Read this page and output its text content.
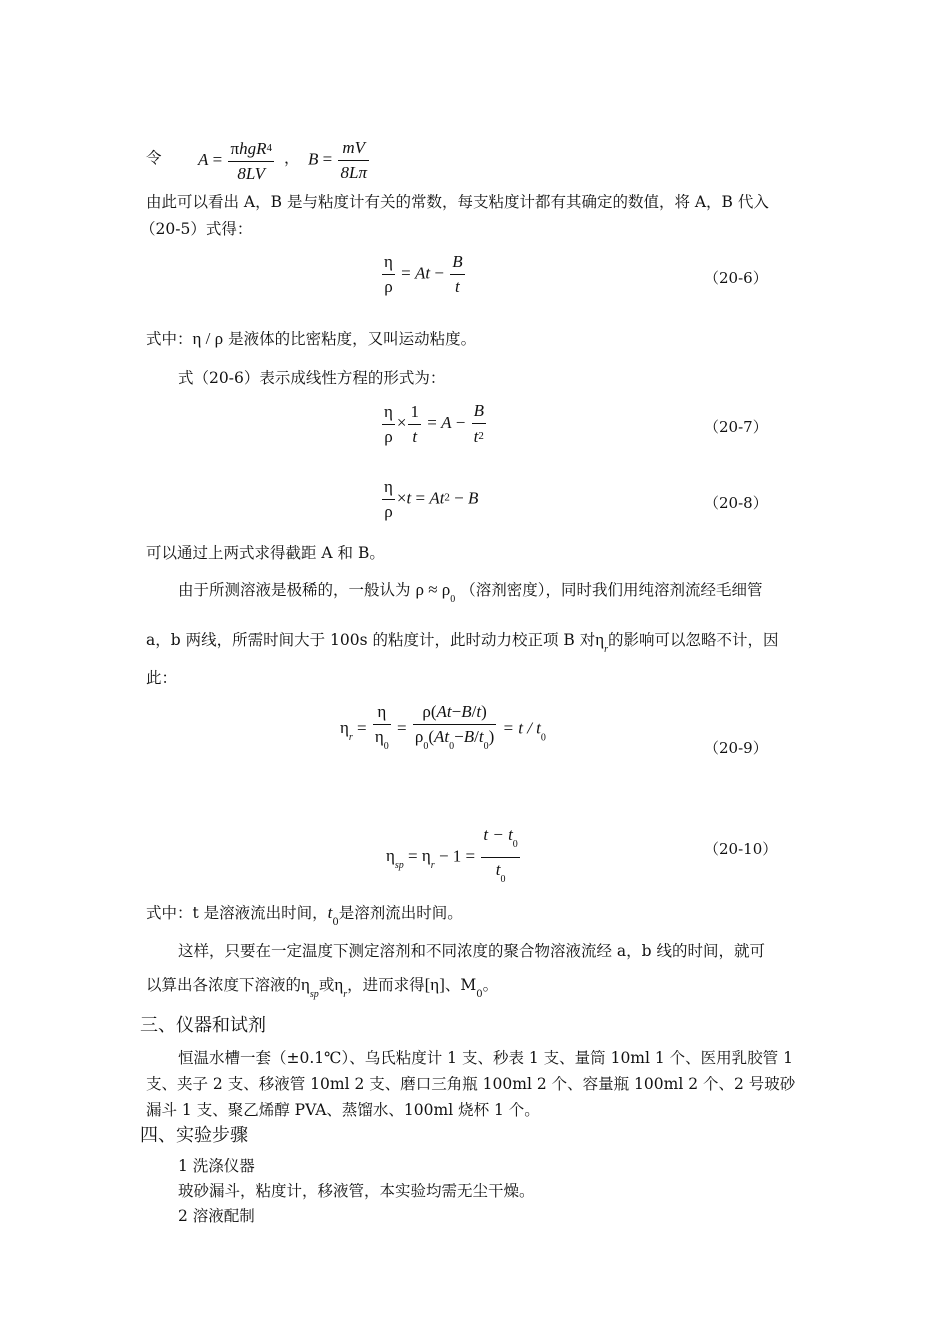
令 $A = \frac{\pi hgR^4}{8LV}$ ， $B = \frac{mV}{8L\pi}$
由此可以看出 A，B 是与粘度计有关的常数，每支粘度计都有其确定的数值，将 A，B 代入
（20-5）式得：
$\frac{\eta}{\rho} = At - \frac{B}{t}$	（20-6）
式中：η / ρ 是液体的比密粘度，又叫运动粘度。
式（20-6）表示成线性方程的形式为：
$\frac{\eta}{\rho} \times \frac{1}{t} = A - \frac{B}{t^2}$	（20-7）
$\frac{\eta}{\rho} \times t = At^2 - B$	（20-8）
可以通过上两式求得截距 A 和 B。
由于所测溶液是极稀的，一般认为 $\rho \approx \rho_0$ （溶剂密度），同时我们用纯溶剂流经毛细管
a，b 两线，所需时间大于 100s 的粘度计，此时动力校正项 B 对$\eta_r$的影响可以忽略不计，因
此：
$\eta_r = \frac{\eta}{\eta_0} = \frac{\rho(At-B/t)}{\rho_0(At_0-B/t_0)} = t / t_0$
（20-9）
$\eta_{sp} = \eta_r - 1 = \frac{t - t_0}{t_0}$	（20-10）
式中：t 是溶液流出时间，$t_0$是溶剂流出时间。
这样，只要在一定温度下测定溶剂和不同浓度的聚合物溶液流经 a，b 线的时间，就可
以算出各浓度下溶液的$\eta_{sp}$或$\eta_r$，进而求得[η]、$M_0$。
三、仪器和试剂
恒温水槽一套（±0.1℃）、乌氏粘度计 1 支、秒表 1 支、量筒 10ml 1 个、医用乳胶管 1
支、夹子 2 支、移液管 10ml 2 支、磨口三角瓶 100ml 2 个、容量瓶 100ml 2 个、2 号玻砂
漏斗 1 支、聚乙烯醇 PVA、蒸馏水、100ml 烧杯 1 个。
四、实验步骤
1 洗涤仪器
玻砂漏斗，粘度计，移液管，本实验均需无尘干燥。
2 溶液配制
